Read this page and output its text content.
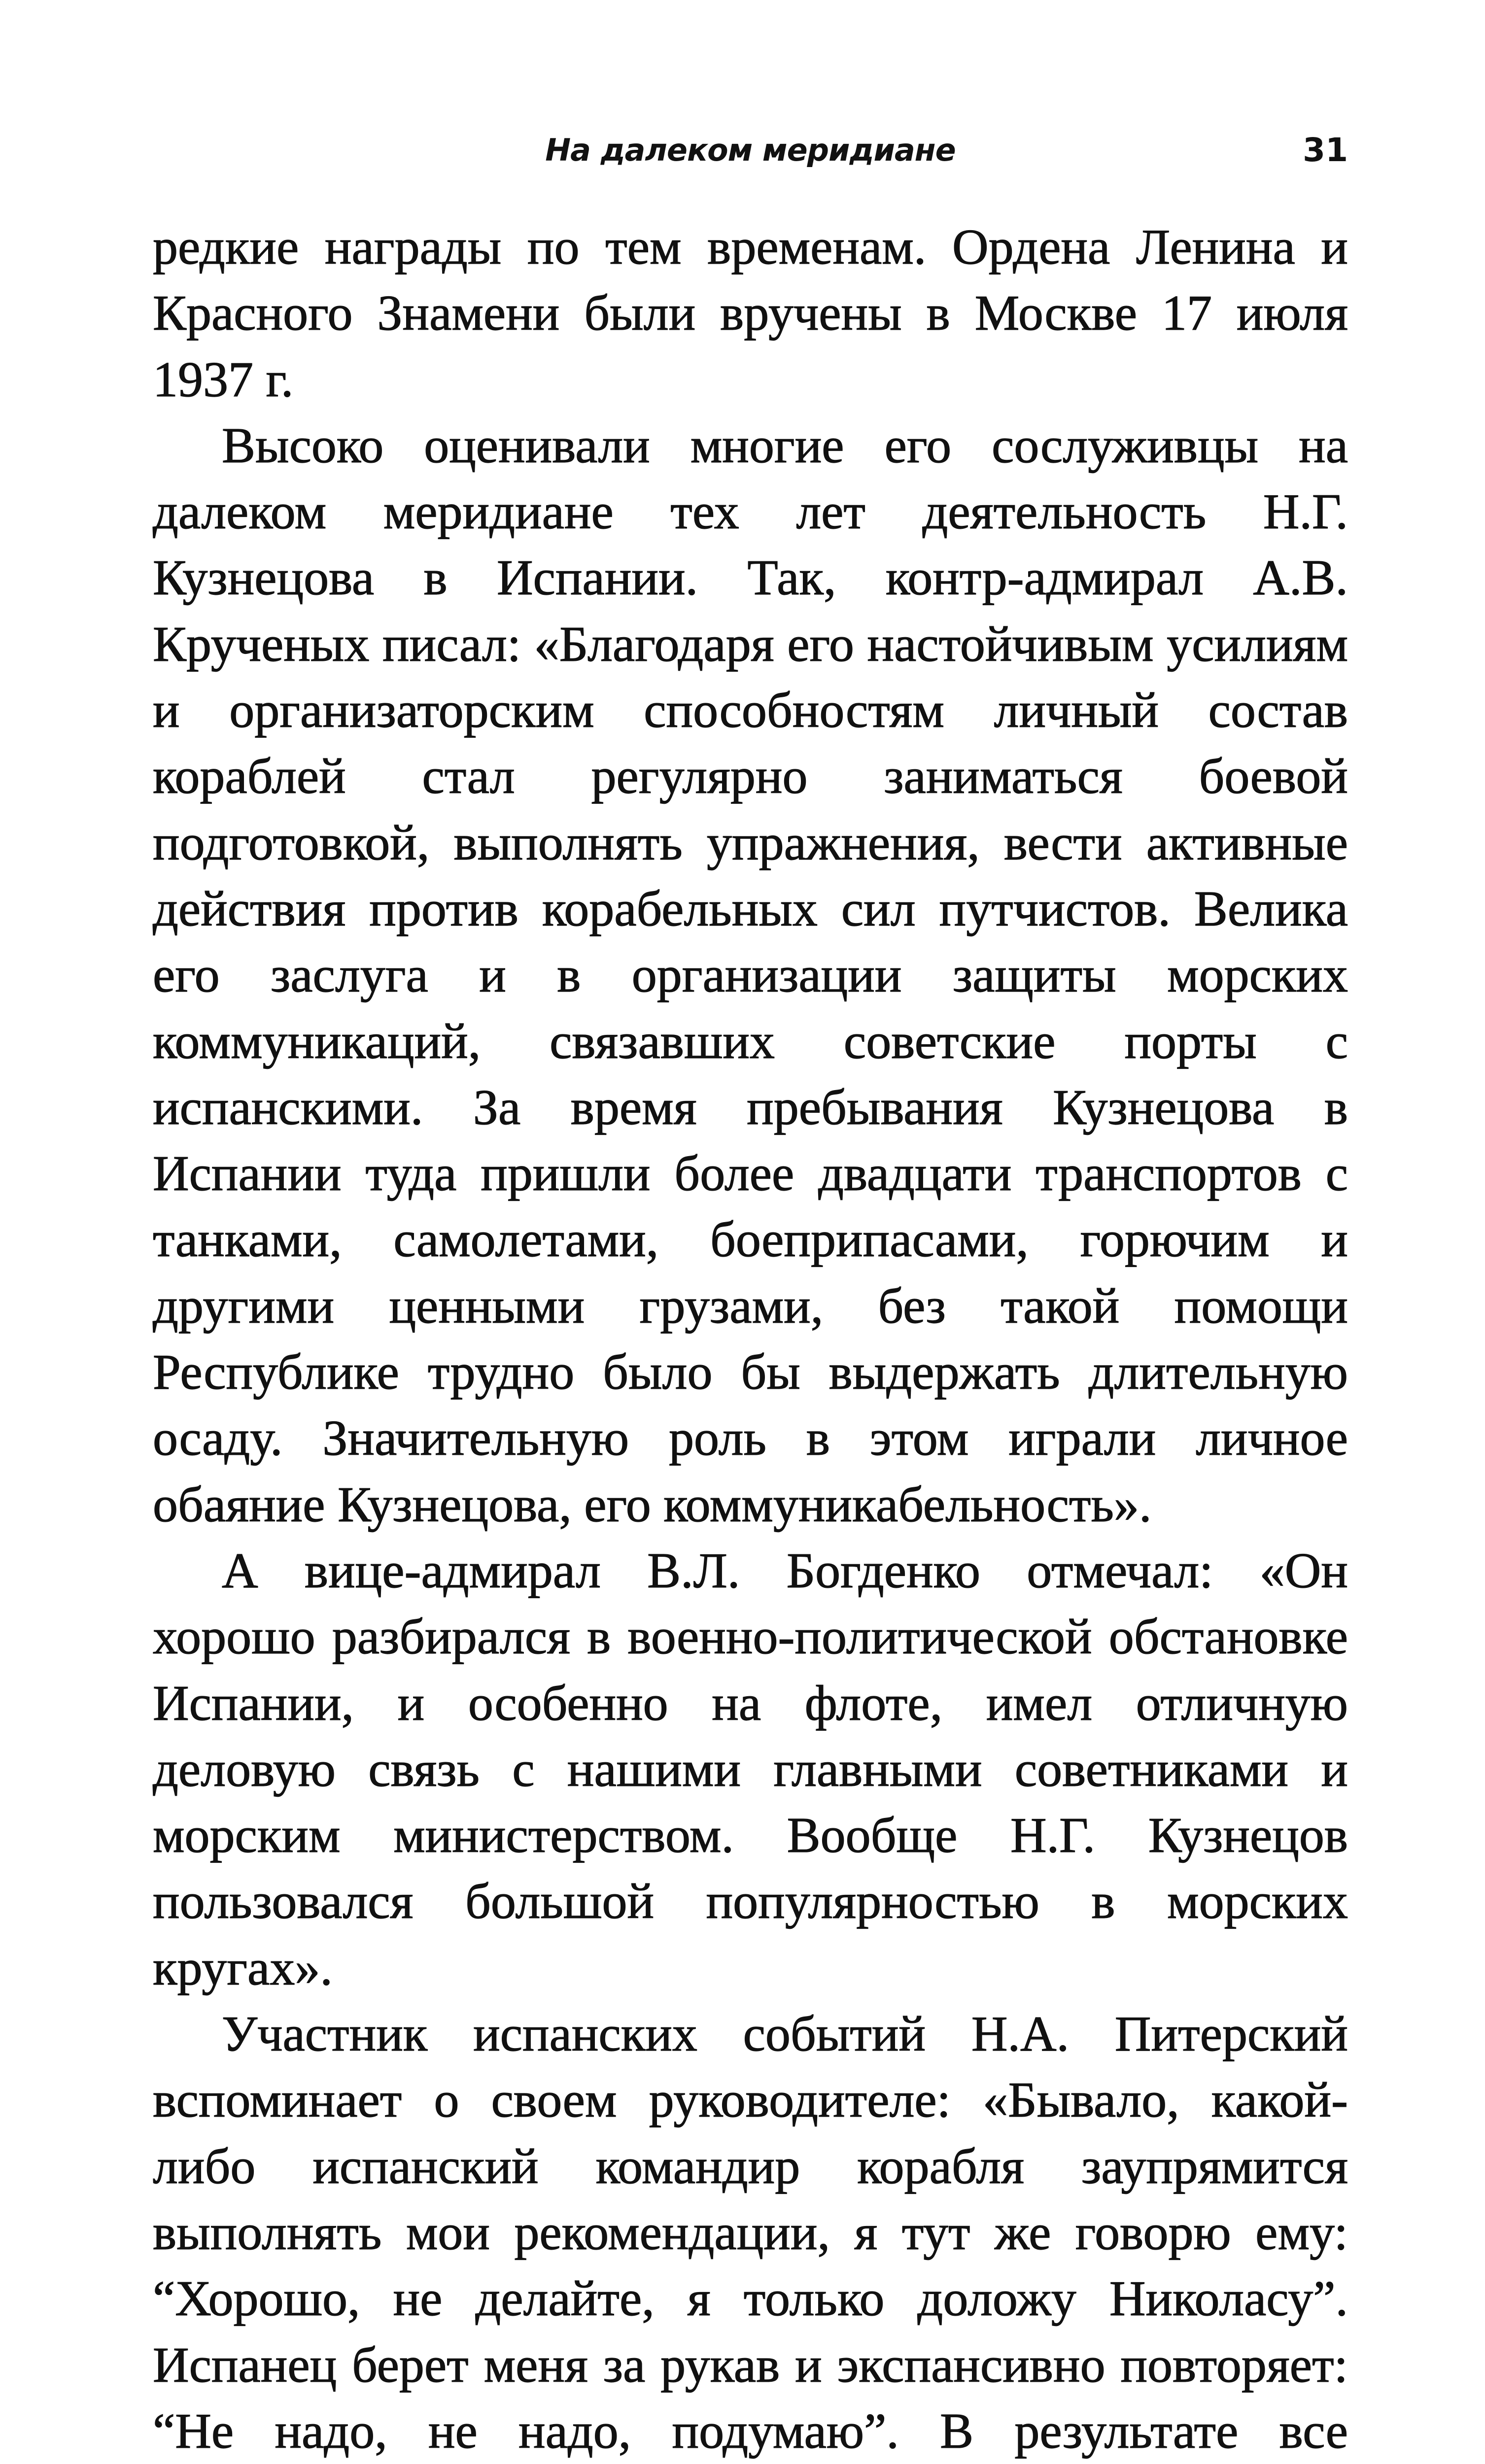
На далеком меридиане	31

редкие награды по тем временам. Ордена Ленина и Красного Знамени были вручены в Москве 17 июля 1937 г.

Высоко оценивали многие его сослуживцы на далеком меридиане тех лет деятельность Н.Г. Кузнецова в Испании. Так, контр-адмирал А.В. Крученых писал: «Благодаря его настойчивым усилиям и организаторским способностям личный состав кораблей стал регулярно заниматься боевой подготовкой, выполнять упражнения, вести активные действия против корабельных сил путчистов. Велика его заслуга и в организации защиты морских коммуникаций, связавших советские порты с испанскими. За время пребывания Кузнецова в Испании туда пришли более двадцати транспортов с танками, самолетами, боеприпасами, горючим и другими ценными грузами, без такой помощи Республике трудно было бы выдержать длительную осаду. Значительную роль в этом играли личное обаяние Кузнецова, его коммуникабельность».

А вице-адмирал В.Л. Богденко отмечал: «Он хорошо разбирался в военно-политической обстановке Испании, и особенно на флоте, имел отличную деловую связь с нашими главными советниками и морским министерством. Вообще Н.Г. Кузнецов пользовался большой популярностью в морских кругах».

Участник испанских событий Н.А. Питерский вспоминает о своем руководителе: «Бывало, какой-либо испанский командир корабля заупрямится выполнять мои рекомендации, я тут же говорю ему: “Хорошо, не делайте, я только доложу Николасу”. Испанец берет меня за рукав и экспансивно повторяет: “Не надо, не надо, подумаю”. В результате все
